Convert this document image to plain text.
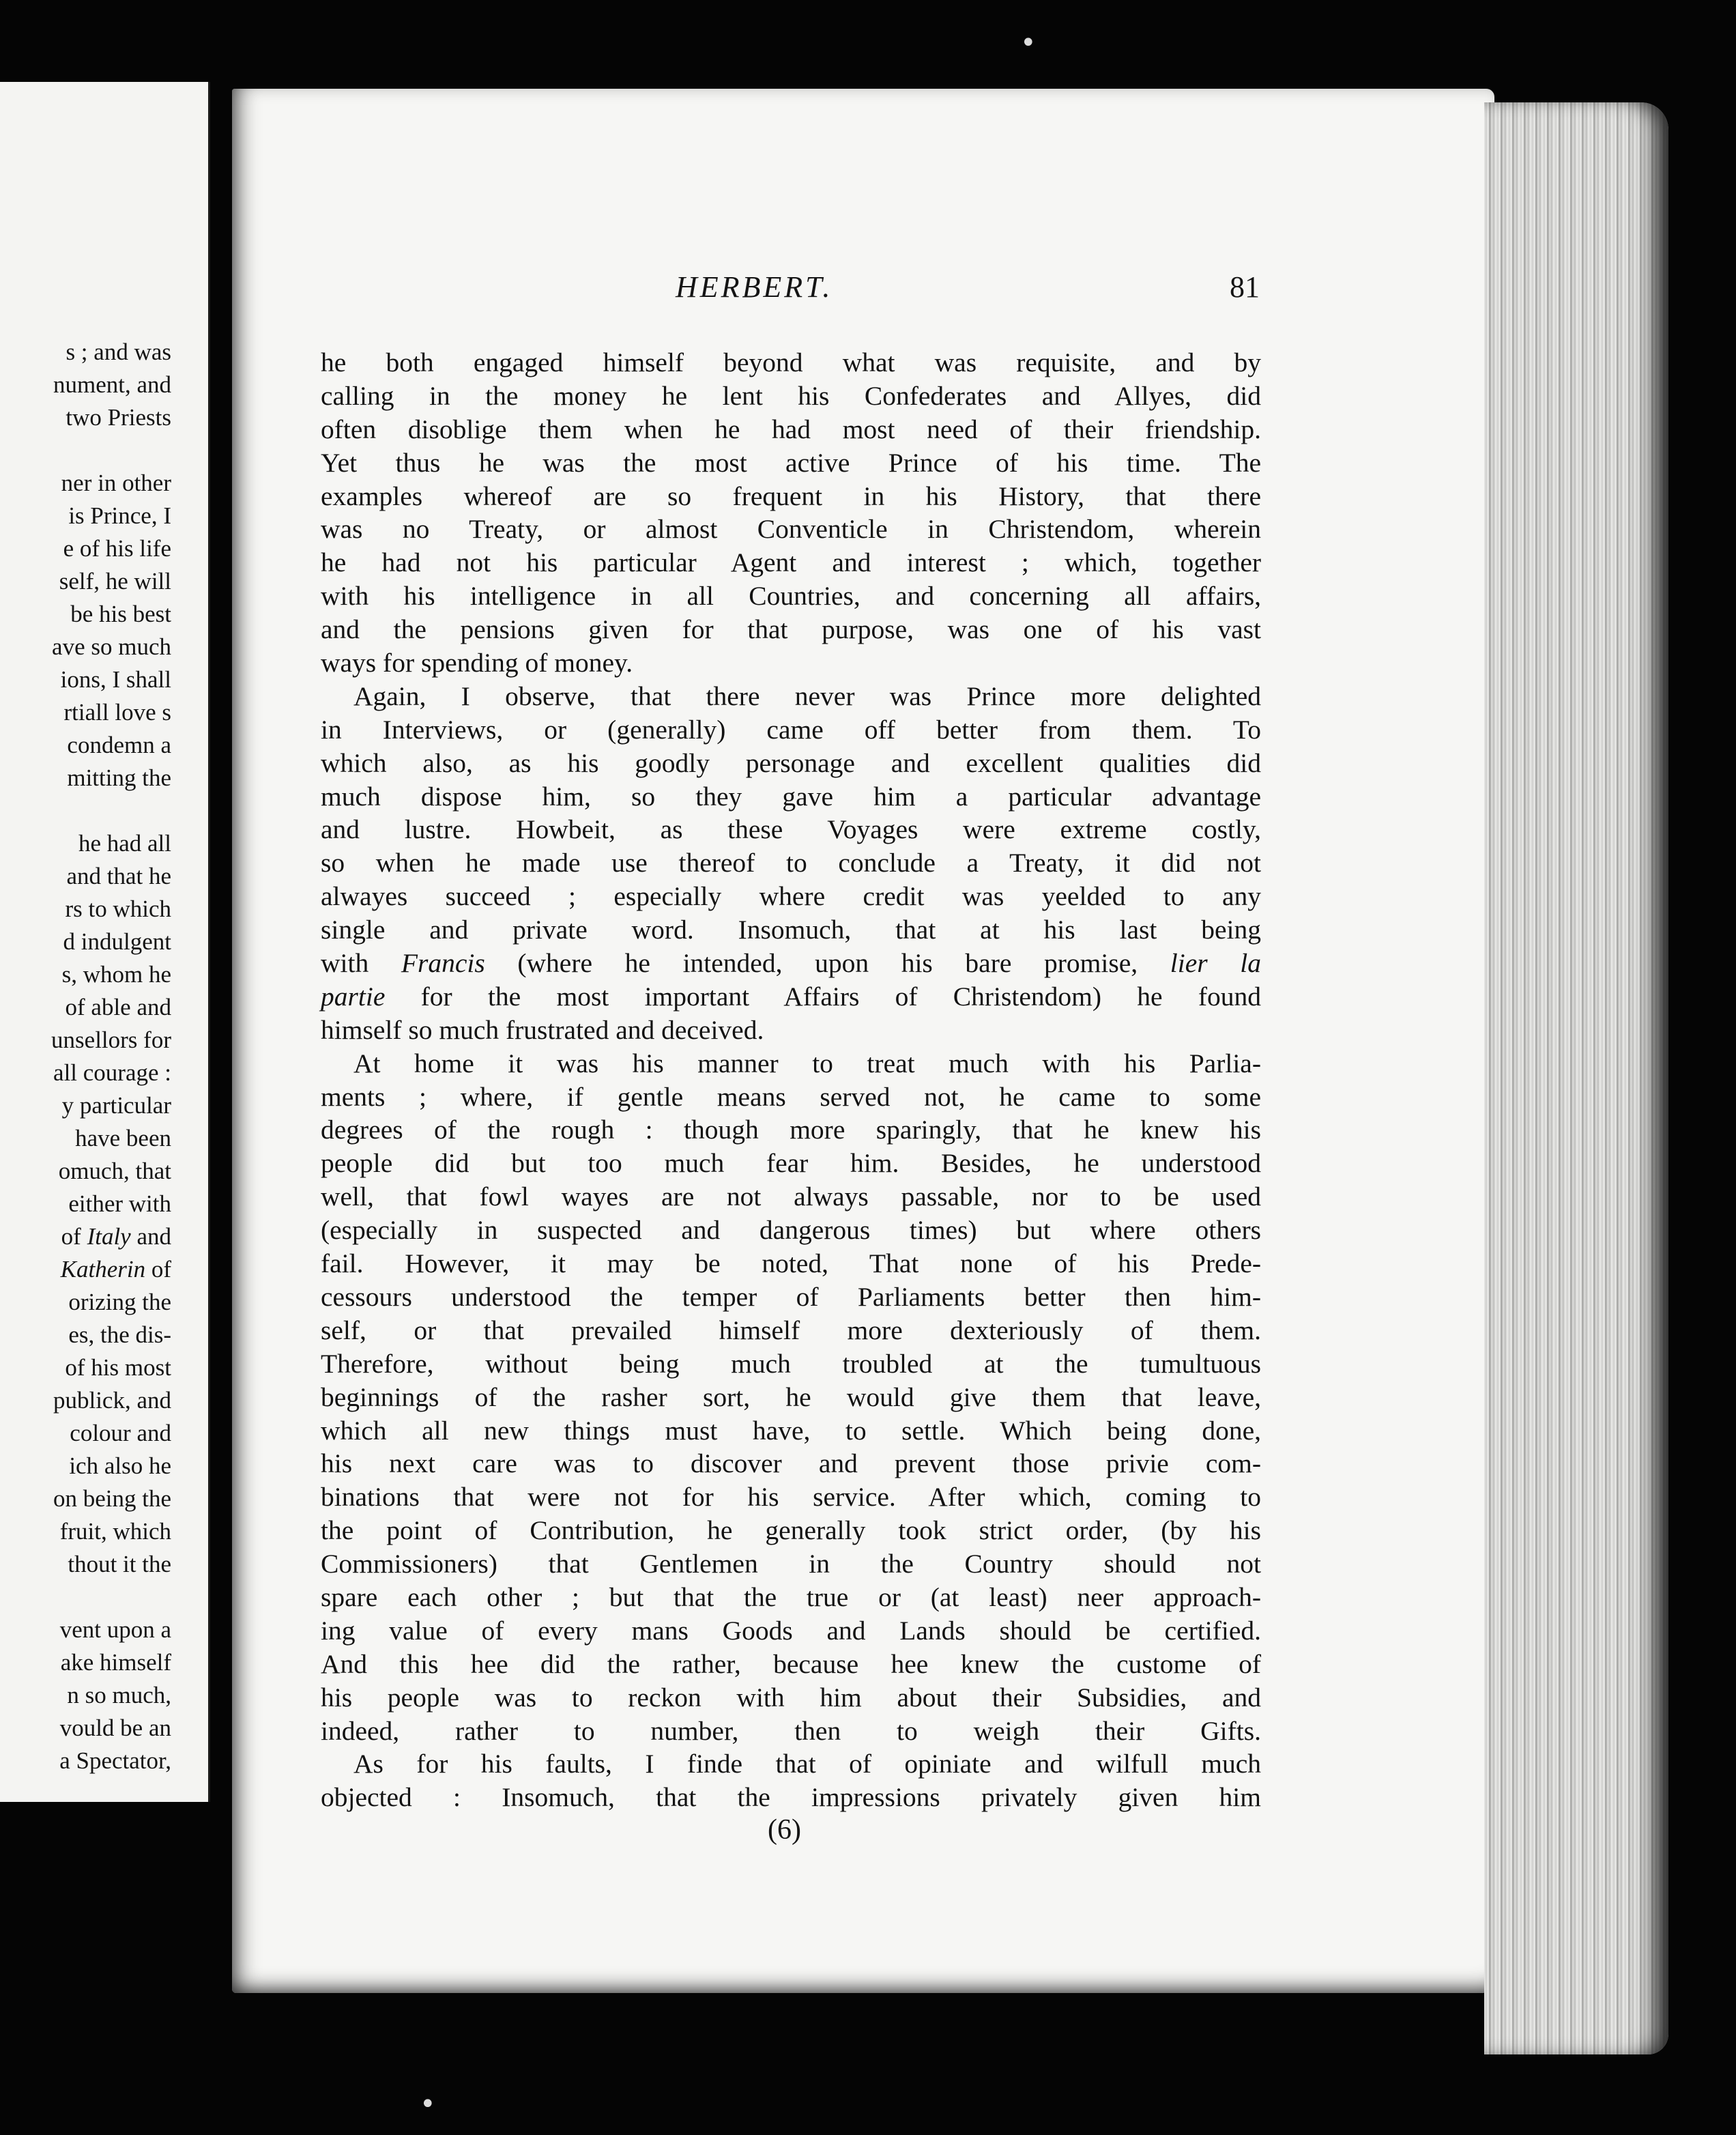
s ; and was
nument, and
two Priests
ner in other
is Prince, I
e of his life
self, he will
be his best
ave so much
ions, I shall
rtiall love s
condemn a
mitting the
he had all
and that he
rs to which
d indulgent
s, whom he
of able and
unsellors for
all courage :
y particular
have been
omuch, that
either with
of Italy and
Katherin of
orizing the
es, the dis-
of his most
publick, and
colour and
ich also he
on being the
fruit, which
thout it the
vent upon a
ake himself
n so much,
vould be an
a Spectator,
HERBERT.	81
he both engaged himself beyond what was requisite, and by
calling in the money he lent his Confederates and Allyes, did
often disoblige them when he had most need of their friendship.
Yet thus he was the most active Prince of his time. The
examples whereof are so frequent in his History, that there
was no Treaty, or almost Conventicle in Christendom, wherein
he had not his particular Agent and interest ; which, together
with his intelligence in all Countries, and concerning all affairs,
and the pensions given for that purpose, was one of his vast
ways for spending of money.
Again, I observe, that there never was Prince more delighted
in Interviews, or (generally) came off better from them. To
which also, as his goodly personage and excellent qualities did
much dispose him, so they gave him a particular advantage
and lustre. Howbeit, as these Voyages were extreme costly,
so when he made use thereof to conclude a Treaty, it did not
alwayes succeed ; especially where credit was yeelded to any
single and private word. Insomuch, that at his last being
with Francis (where he intended, upon his bare promise, lier la
partie for the most important Affairs of Christendom) he found
himself so much frustrated and deceived.
At home it was his manner to treat much with his Parlia-
ments ; where, if gentle means served not, he came to some
degrees of the rough : though more sparingly, that he knew his
people did but too much fear him. Besides, he understood
well, that fowl wayes are not always passable, nor to be used
(especially in suspected and dangerous times) but where others
fail. However, it may be noted, That none of his Prede-
cessours understood the temper of Parliaments better then him-
self, or that prevailed himself more dexteriously of them.
Therefore, without being much troubled at the tumultuous
beginnings of the rasher sort, he would give them that leave,
which all new things must have, to settle. Which being done,
his next care was to discover and prevent those privie com-
binations that were not for his service. After which, coming to
the point of Contribution, he generally took strict order, (by his
Commissioners) that Gentlemen in the Country should not
spare each other ; but that the true or (at least) neer approach-
ing value of every mans Goods and Lands should be certified.
And this hee did the rather, because hee knew the custome of
his people was to reckon with him about their Subsidies, and
indeed, rather to number, then to weigh their Gifts.
As for his faults, I finde that of opiniate and wilfull much
objected : Insomuch, that the impressions privately given him
(6)
•
•
